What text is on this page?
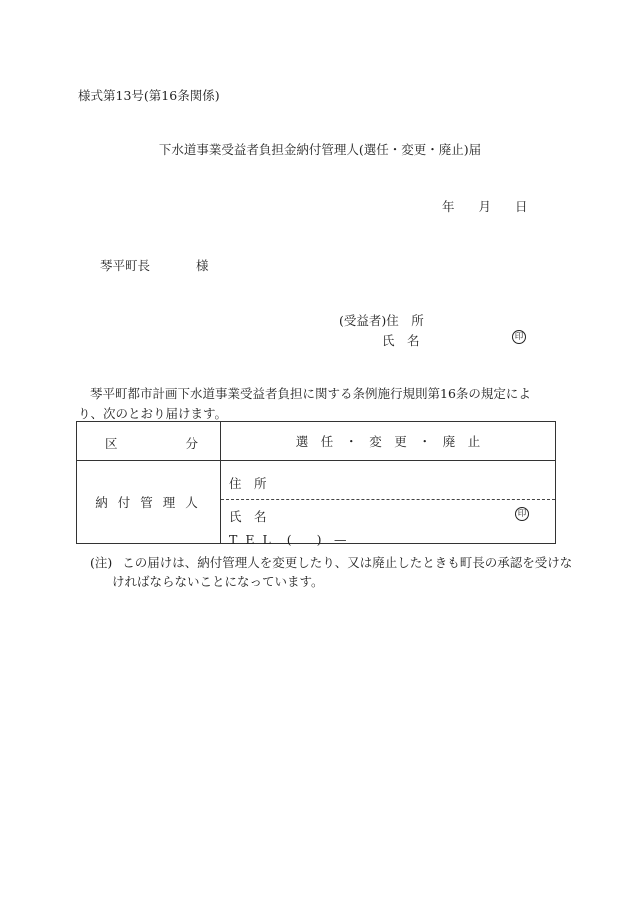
様式第13号(第16条関係)
下水道事業受益者負担金納付管理人(選任・変更・廃止)届
年 月 日
琴平町長	様
(受益者)住　所
氏　名	印
琴平町都市計画下水道事業受益者負担に関する条例施行規則第16条の規定により、次のとおり届けます。
区 分	選　任 ・ 変　更 ・ 廃　止
納付管理人	住　所
氏　名 印
TEL (　　)　—
(注) この届けは、納付管理人を変更したり、又は廃止したときも町長の承認を受けな
ければならないことになっています。
